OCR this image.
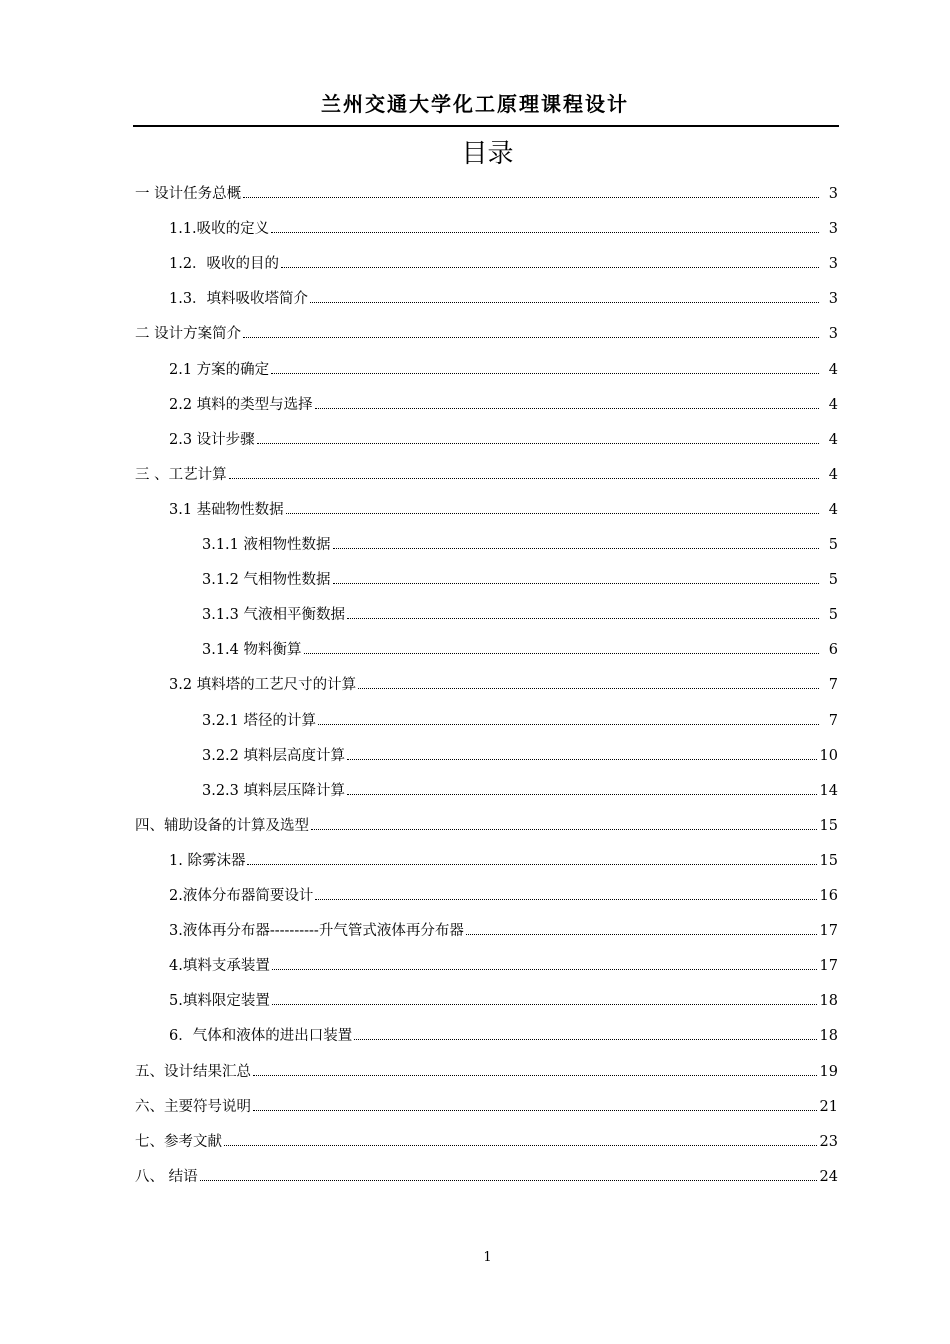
兰州交通大学化工原理课程设计
目录
一 设计任务总概	3
1.1.吸收的定义	3
1.2．吸收的目的	3
1.3．填料吸收塔简介	3
二 设计方案简介	3
2.1 方案的确定	4
2.2 填料的类型与选择	4
2.3 设计步骤	4
三 、工艺计算	4
3.1 基础物性数据	4
3.1.1 液相物性数据	5
3.1.2 气相物性数据	5
3.1.3 气液相平衡数据	5
3.1.4 物料衡算	6
3.2 填料塔的工艺尺寸的计算	7
3.2.1 塔径的计算	7
3.2.2 填料层高度计算	10
3.2.3 填料层压降计算	14
四、辅助设备的计算及选型	15
1. 除雾沫器	15
2.液体分布器简要设计	16
3.液体再分布器----------升气管式液体再分布器	17
4.填料支承装置	17
5.填料限定装置	18
6．气体和液体的进出口装置	18
五、设计结果汇总	19
六、主要符号说明	21
七、参考文献	23
八、 结语	24
1
